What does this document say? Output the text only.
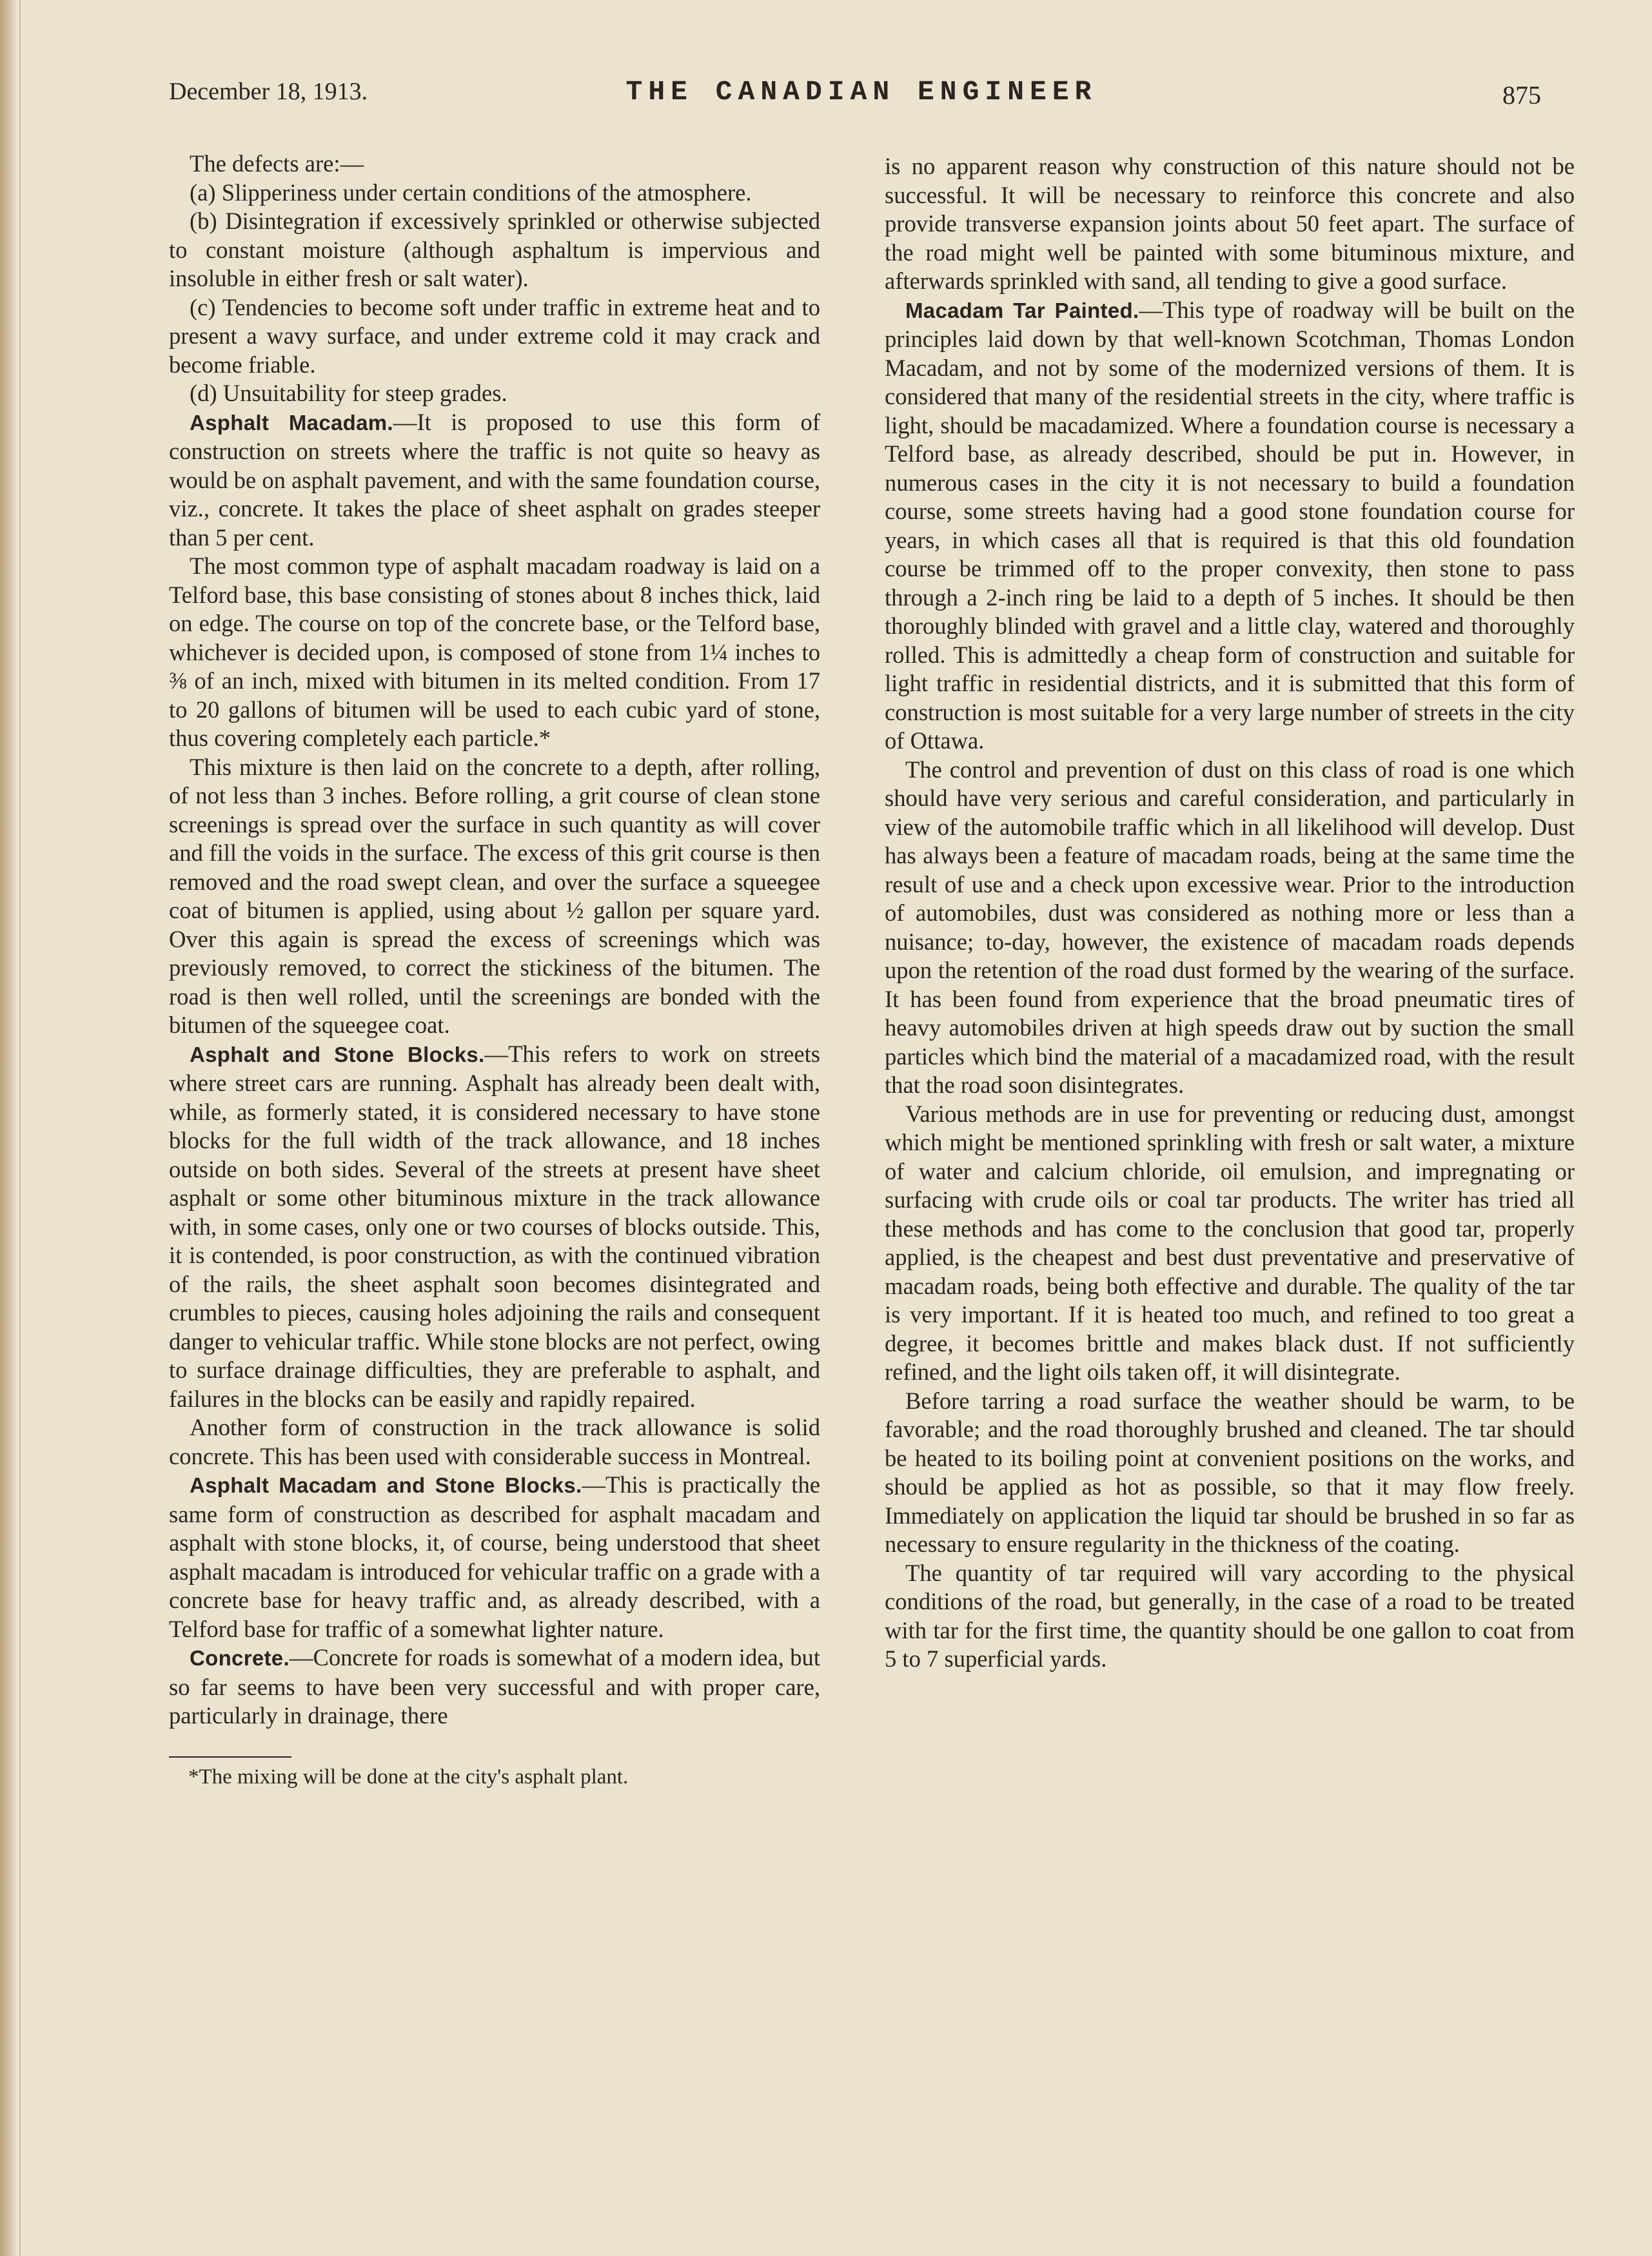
December 18, 1913.	THE CANADIAN ENGINEER	875

The defects are:—

(a) Slipperiness under certain conditions of the atmosphere.

(b) Disintegration if excessively sprinkled or otherwise subjected to constant moisture (although asphaltum is impervious and insoluble in either fresh or salt water).

(c) Tendencies to become soft under traffic in extreme heat and to present a wavy surface, and under extreme cold it may crack and become friable.

(d) Unsuitability for steep grades.

Asphalt Macadam.—It is proposed to use this form of construction on streets where the traffic is not quite so heavy as would be on asphalt pavement, and with the same foundation course, viz., concrete. It takes the place of sheet asphalt on grades steeper than 5 per cent.

The most common type of asphalt macadam roadway is laid on a Telford base, this base consisting of stones about 8 inches thick, laid on edge. The course on top of the concrete base, or the Telford base, whichever is decided upon, is composed of stone from 1¼ inches to ⅜ of an inch, mixed with bitumen in its melted condition. From 17 to 20 gallons of bitumen will be used to each cubic yard of stone, thus covering completely each particle.*

This mixture is then laid on the concrete to a depth, after rolling, of not less than 3 inches. Before rolling, a grit course of clean stone screenings is spread over the surface in such quantity as will cover and fill the voids in the surface. The excess of this grit course is then removed and the road swept clean, and over the surface a squeegee coat of bitumen is applied, using about ½ gallon per square yard. Over this again is spread the excess of screenings which was previously removed, to correct the stickiness of the bitumen. The road is then well rolled, until the screenings are bonded with the bitumen of the squeegee coat.

Asphalt and Stone Blocks.—This refers to work on streets where street cars are running. Asphalt has already been dealt with, while, as formerly stated, it is considered necessary to have stone blocks for the full width of the track allowance, and 18 inches outside on both sides. Several of the streets at present have sheet asphalt or some other bituminous mixture in the track allowance with, in some cases, only one or two courses of blocks outside. This, it is contended, is poor construction, as with the continued vibration of the rails, the sheet asphalt soon becomes disintegrated and crumbles to pieces, causing holes adjoining the rails and consequent danger to vehicular traffic. While stone blocks are not perfect, owing to surface drainage difficulties, they are preferable to asphalt, and failures in the blocks can be easily and rapidly repaired.

Another form of construction in the track allowance is solid concrete. This has been used with considerable success in Montreal.

Asphalt Macadam and Stone Blocks.—This is practically the same form of construction as described for asphalt macadam and asphalt with stone blocks, it, of course, being understood that sheet asphalt macadam is introduced for vehicular traffic on a grade with a concrete base for heavy traffic and, as already described, with a Telford base for traffic of a somewhat lighter nature.

Concrete.—Concrete for roads is somewhat of a modern idea, but so far seems to have been very successful and with proper care, particularly in drainage, there

*The mixing will be done at the city's asphalt plant.

is no apparent reason why construction of this nature should not be successful. It will be necessary to reinforce this concrete and also provide transverse expansion joints about 50 feet apart. The surface of the road might well be painted with some bituminous mixture, and afterwards sprinkled with sand, all tending to give a good surface.

Macadam Tar Painted.—This type of roadway will be built on the principles laid down by that well-known Scotchman, Thomas London Macadam, and not by some of the modernized versions of them. It is considered that many of the residential streets in the city, where traffic is light, should be macadamized. Where a foundation course is necessary a Telford base, as already described, should be put in. However, in numerous cases in the city it is not necessary to build a foundation course, some streets having had a good stone foundation course for years, in which cases all that is required is that this old foundation course be trimmed off to the proper convexity, then stone to pass through a 2-inch ring be laid to a depth of 5 inches. It should be then thoroughly blinded with gravel and a little clay, watered and thoroughly rolled. This is admittedly a cheap form of construction and suitable for light traffic in residential districts, and it is submitted that this form of construction is most suitable for a very large number of streets in the city of Ottawa.

The control and prevention of dust on this class of road is one which should have very serious and careful consideration, and particularly in view of the automobile traffic which in all likelihood will develop. Dust has always been a feature of macadam roads, being at the same time the result of use and a check upon excessive wear. Prior to the introduction of automobiles, dust was considered as nothing more or less than a nuisance; to-day, however, the existence of macadam roads depends upon the retention of the road dust formed by the wearing of the surface. It has been found from experience that the broad pneumatic tires of heavy automobiles driven at high speeds draw out by suction the small particles which bind the material of a macadamized road, with the result that the road soon disintegrates.

Various methods are in use for preventing or reducing dust, amongst which might be mentioned sprinkling with fresh or salt water, a mixture of water and calcium chloride, oil emulsion, and impregnating or surfacing with crude oils or coal tar products. The writer has tried all these methods and has come to the conclusion that good tar, properly applied, is the cheapest and best dust preventative and preservative of macadam roads, being both effective and durable. The quality of the tar is very important. If it is heated too much, and refined to too great a degree, it becomes brittle and makes black dust. If not sufficiently refined, and the light oils taken off, it will disintegrate.

Before tarring a road surface the weather should be warm, to be favorable; and the road thoroughly brushed and cleaned. The tar should be heated to its boiling point at convenient positions on the works, and should be applied as hot as possible, so that it may flow freely. Immediately on application the liquid tar should be brushed in so far as necessary to ensure regularity in the thickness of the coating.

The quantity of tar required will vary according to the physical conditions of the road, but generally, in the case of a road to be treated with tar for the first time, the quantity should be one gallon to coat from 5 to 7 superficial yards.
